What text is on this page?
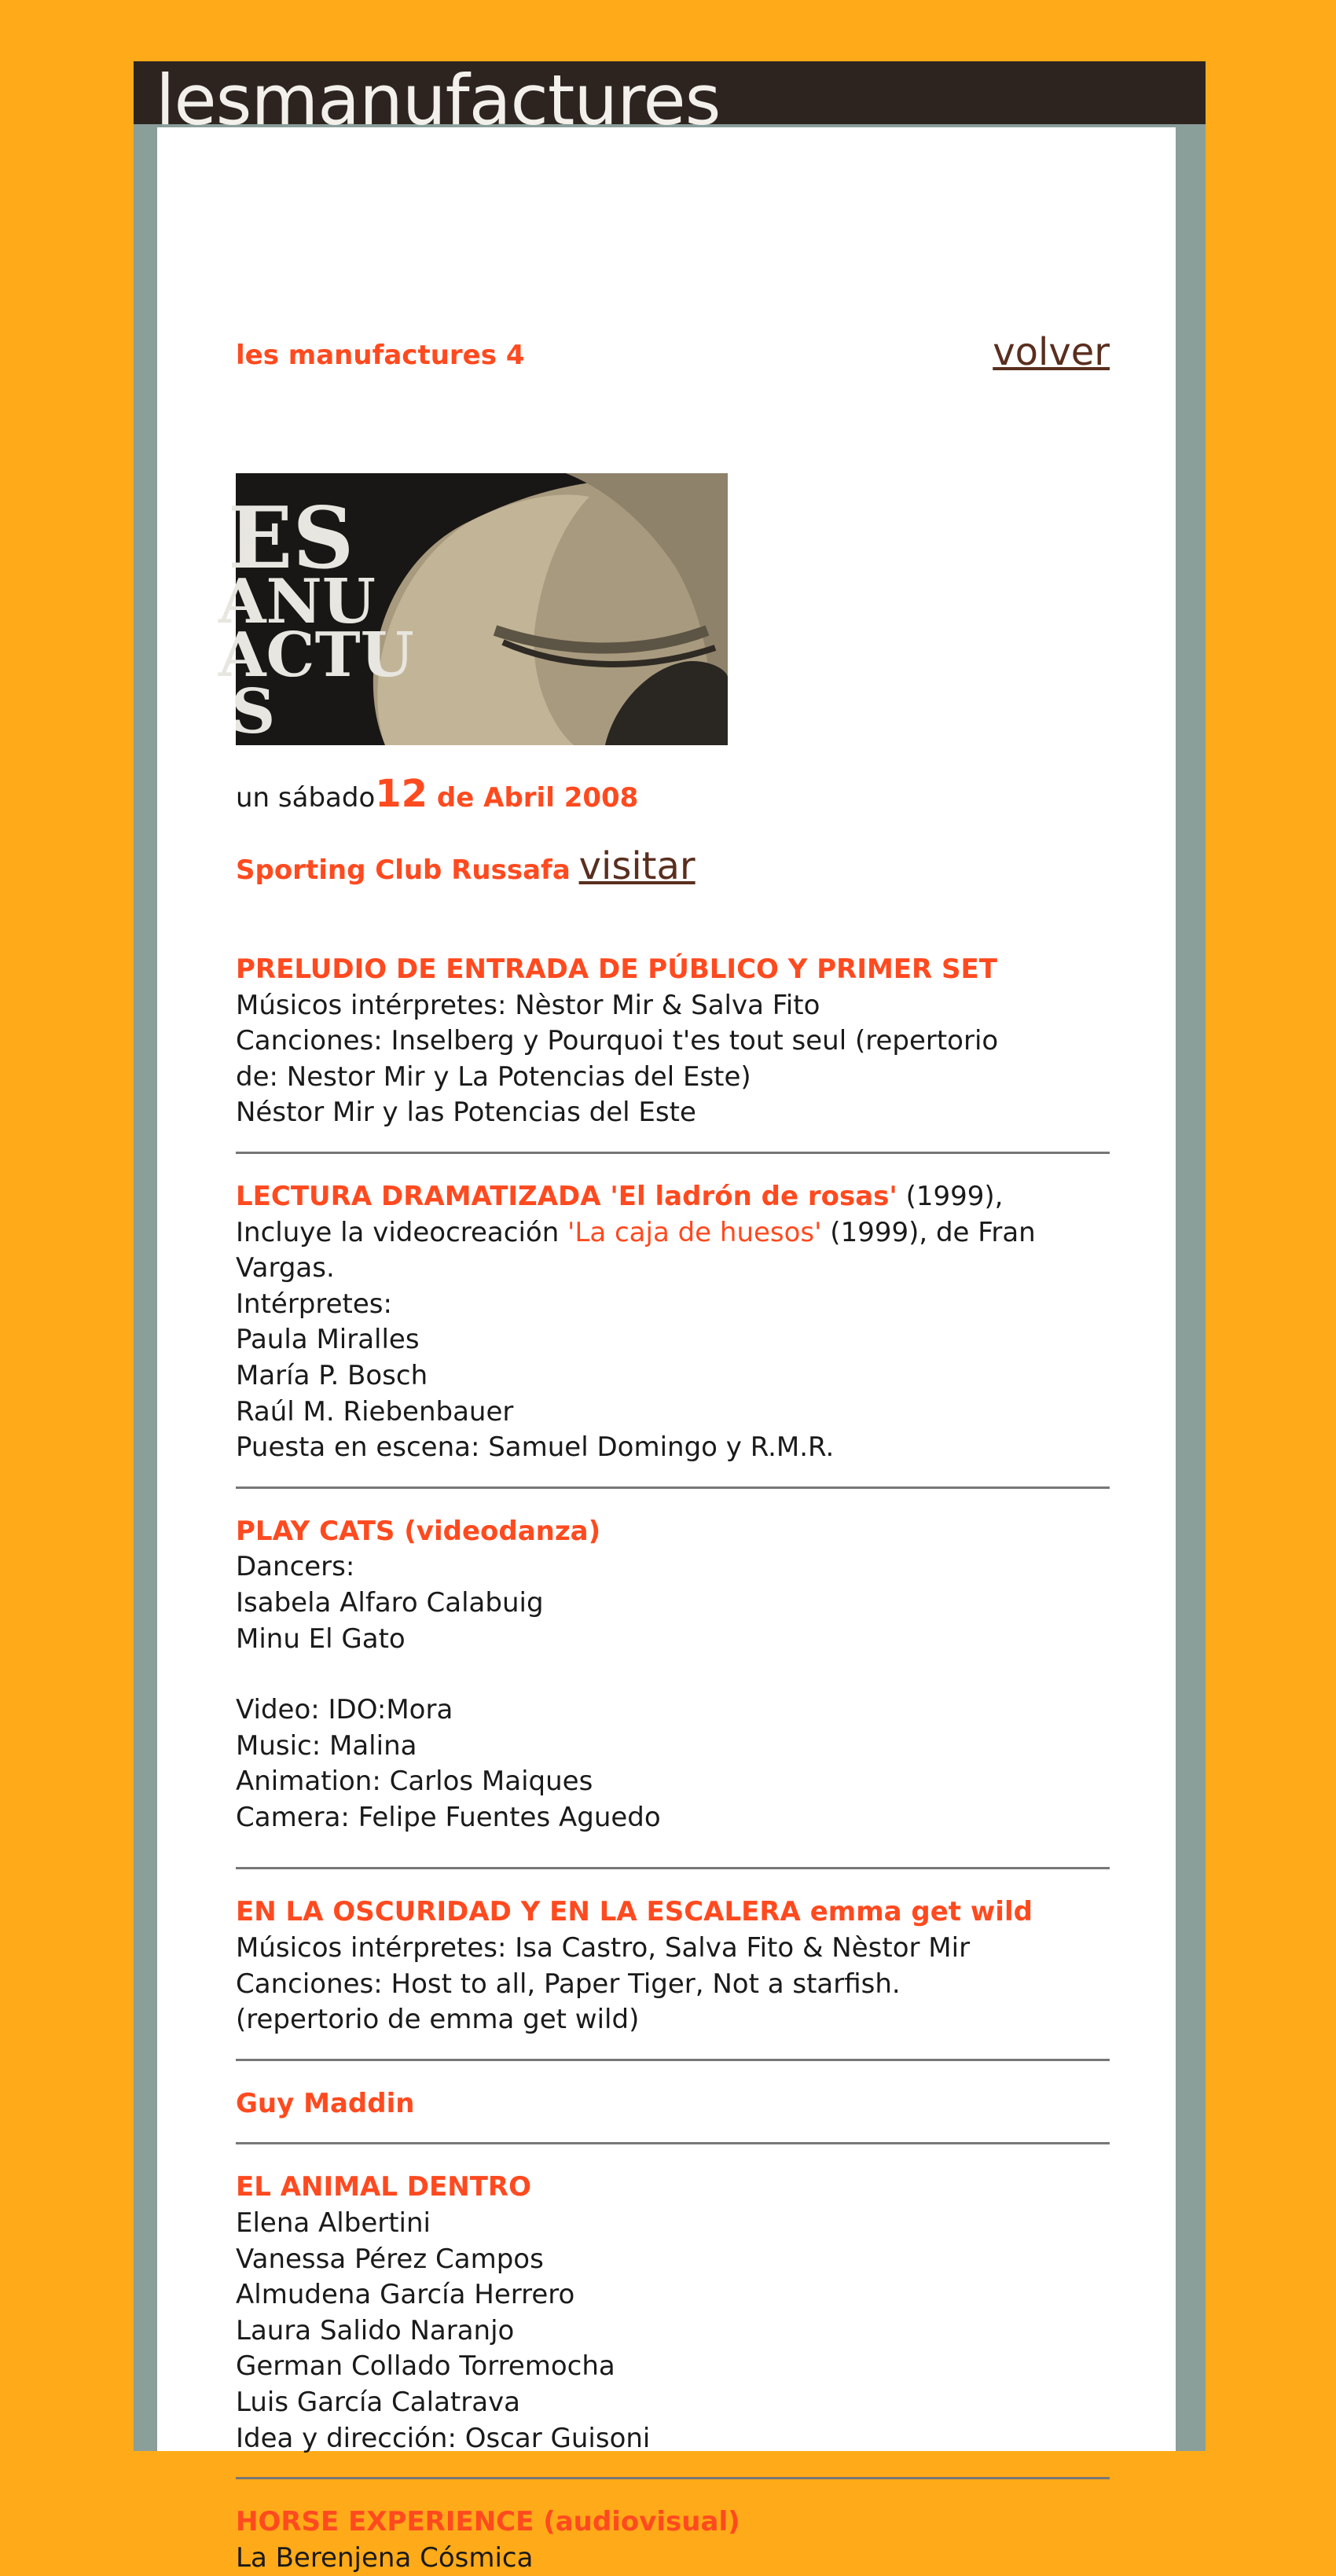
lesmanufactures
les manufactures 4	volver
ES
ANU
ACTU
S
un sábado12 de Abril 2008
Sporting Club Russafa visitar
PRELUDIO DE ENTRADA DE PÚBLICO Y PRIMER SET
Músicos intérpretes: Nèstor Mir & Salva Fito
Canciones: Inselberg y Pourquoi t'es tout seul (repertorio
de: Nestor Mir y La Potencias del Este)
Néstor Mir y las Potencias del Este
LECTURA DRAMATIZADA 'El ladrón de rosas' (1999),
Incluye la videocreación 'La caja de huesos' (1999), de Fran
Vargas.
Intérpretes:
Paula Miralles
María P. Bosch
Raúl M. Riebenbauer
Puesta en escena: Samuel Domingo y R.M.R.
PLAY CATS (videodanza)
Dancers:
Isabela Alfaro Calabuig
Minu El Gato
Video: IDO:Mora
Music: Malina
Animation: Carlos Maiques
Camera: Felipe Fuentes Aguedo
EN LA OSCURIDAD Y EN LA ESCALERA emma get wild
Músicos intérpretes: Isa Castro, Salva Fito & Nèstor Mir
Canciones: Host to all, Paper Tiger, Not a starfish.
(repertorio de emma get wild)
Guy Maddin
EL ANIMAL DENTRO
Elena Albertini
Vanessa Pérez Campos
Almudena García Herrero
Laura Salido Naranjo
German Collado Torremocha
Luis García Calatrava
Idea y dirección: Oscar Guisoni
HORSE EXPERIENCE (audiovisual)
La Berenjena Cósmica
